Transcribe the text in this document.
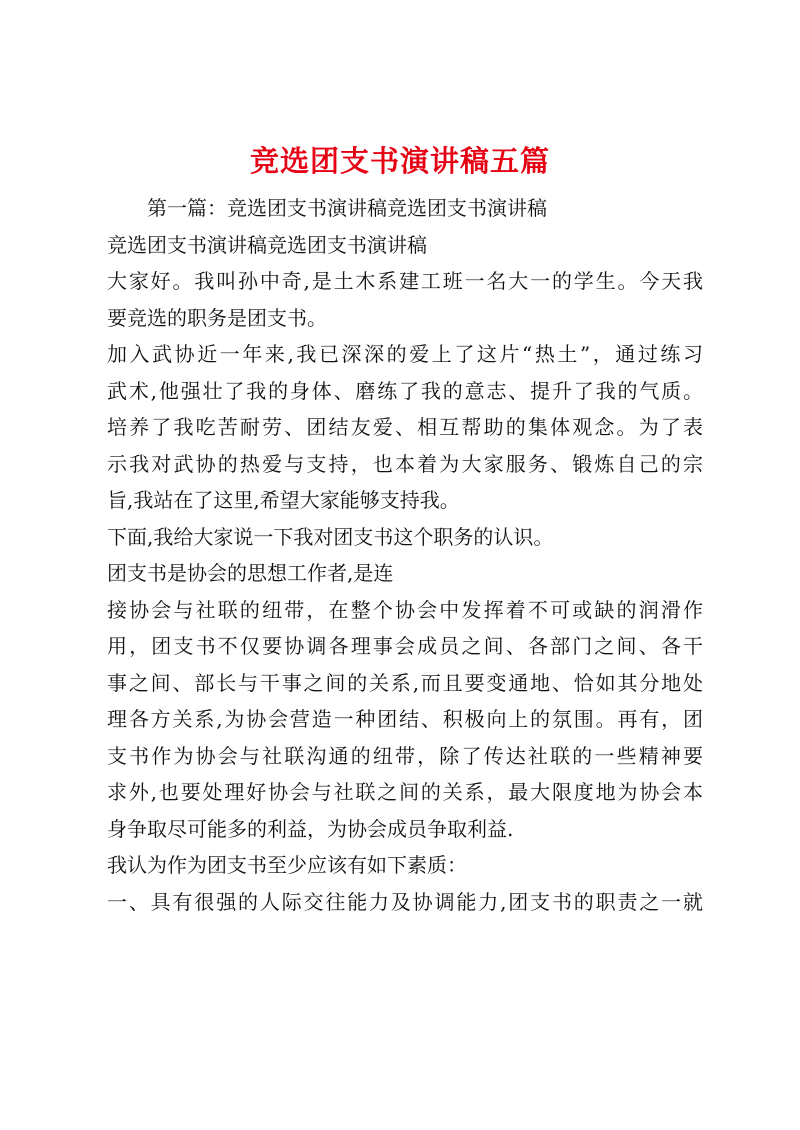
竞选团支书演讲稿五篇
第一篇：竞选团支书演讲稿竞选团支书演讲稿
竞选团支书演讲稿竞选团支书演讲稿
大家好。我叫孙中奇,是土木系建工班一名大一的学生。今天我
要竞选的职务是团支书。
加入武协近一年来,我已深深的爱上了这片“热土”，通过练习
武术,他强壮了我的身体、磨练了我的意志、提升了我的气质。
培养了我吃苦耐劳、团结友爱、相互帮助的集体观念。为了表
示我对武协的热爱与支持，也本着为大家服务、锻炼自己的宗
旨,我站在了这里,希望大家能够支持我。
下面,我给大家说一下我对团支书这个职务的认识。
团支书是协会的思想工作者,是连
接协会与社联的纽带，在整个协会中发挥着不可或缺的润滑作
用，团支书不仅要协调各理事会成员之间、各部门之间、各干
事之间、部长与干事之间的关系,而且要变通地、恰如其分地处
理各方关系,为协会营造一种团结、积极向上的氛围。再有，团
支书作为协会与社联沟通的纽带，除了传达社联的一些精神要
求外,也要处理好协会与社联之间的关系，最大限度地为协会本
身争取尽可能多的利益，为协会成员争取利益.
我认为作为团支书至少应该有如下素质：
一、具有很强的人际交往能力及协调能力,团支书的职责之一就
